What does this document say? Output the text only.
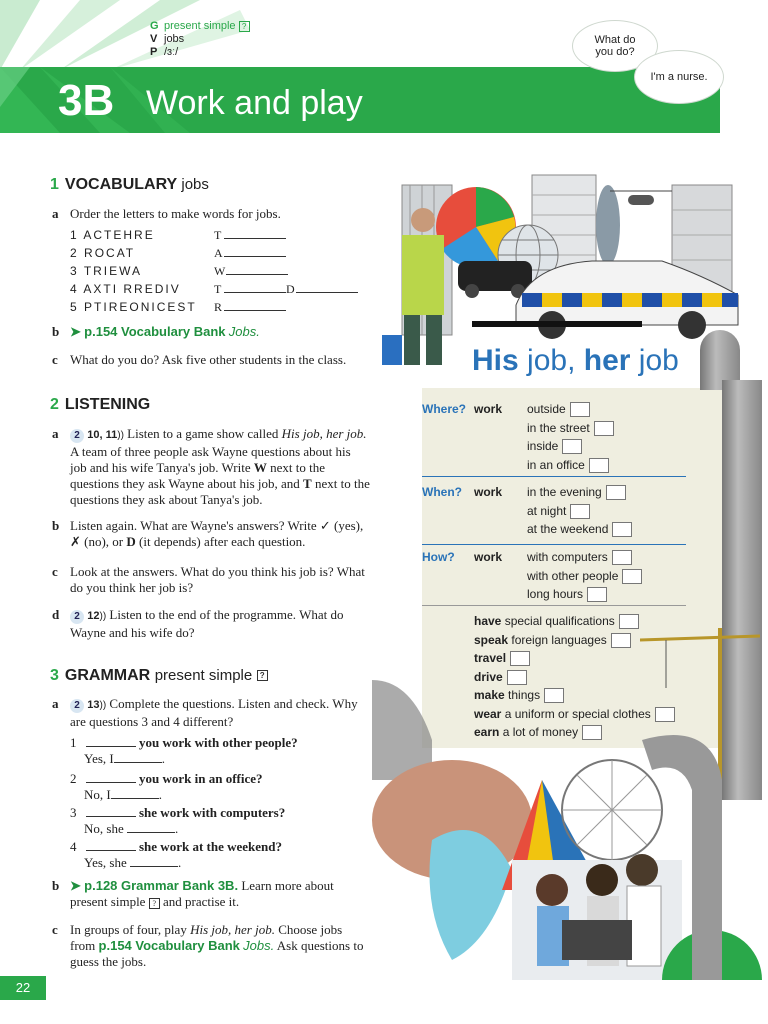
G present simple ?
V jobs
P /ɜː/
3B Work and play
What do you do?
I'm a nurse.
1 VOCABULARY jobs
a Order the letters to make words for jobs.
1 ACTEHRE	T
2 ROCAT	A
3 TRIEWA	W
4 AXTI RREDIV	T	D
5 PTIREONICEST R
b ➤ p.154 Vocabulary Bank Jobs.
c What do you do? Ask five other students in the class.	His job, her job
2 LISTENING
a 2 10, 11)) Listen to a game show called His job, her job. A team of three people ask Wayne questions about his job and his wife Tanya's job. Write W next to the questions they ask Wayne about his job, and T next to the questions they ask about Tanya's job.
b Listen again. What are Wayne's answers? Write ✓ (yes), ✗ (no), or D (it depends) after each question.
c Look at the answers. What do you think his job is? What do you think her job is?
d 2 12)) Listen to the end of the programme. What do Wayne and his wife do?
Where? work outside
in the street
inside
in an office
When? work in the evening
at night
at the weekend
How? work with computers
with other people
long hours
have special qualifications
speak foreign languages
travel
drive
make things
wear a uniform or special clothes
earn a lot of money
3 GRAMMAR present simple ?
a 2 13)) Complete the questions. Listen and check. Why are questions 3 and 4 different?
1	you work with other people?
Yes, I	.
2	you work in an office?
No, I	.
3	she work with computers?
No, she	.
4	she work at the weekend?
Yes, she	.
b ➤ p.128 Grammar Bank 3B. Learn more about present simple ? and practise it.
c In groups of four, play His job, her job. Choose jobs from p.154 Vocabulary Bank Jobs. Ask questions to guess the jobs.
22
